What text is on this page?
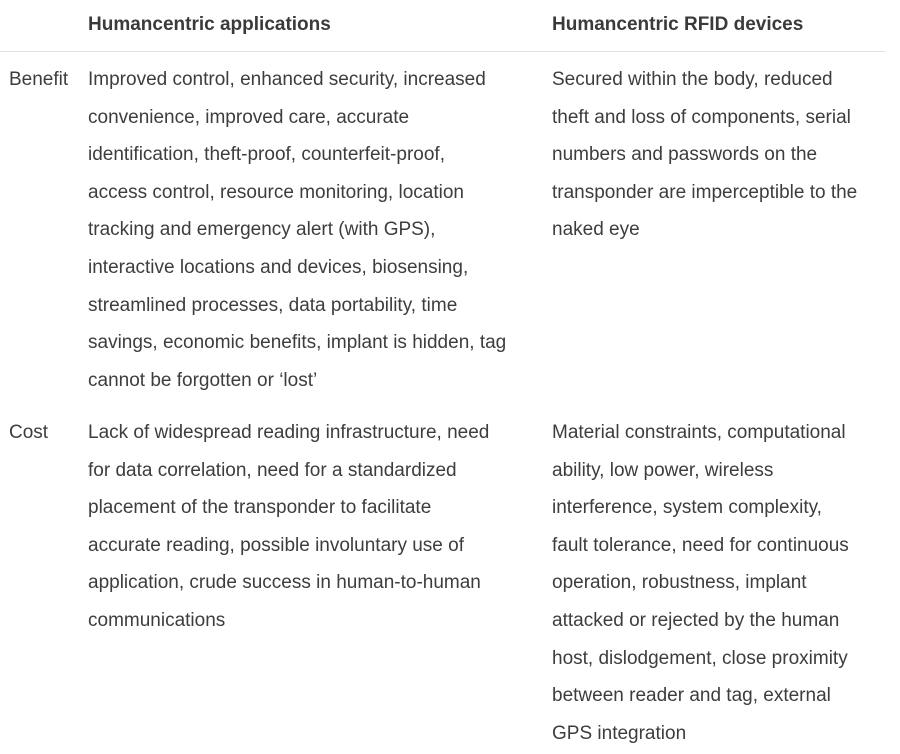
Humancentric applications	Humancentric RFID devices
Benefit Improved control, enhanced security, increased
convenience, improved care, accurate
identification, theft-proof, counterfeit-proof,
access control, resource monitoring, location
tracking and emergency alert (with GPS),
interactive locations and devices, biosensing,
streamlined processes, data portability, time
savings, economic benefits, implant is hidden, tag
cannot be forgotten or ‘lost’
Secured within the body, reduced
theft and loss of components, serial
numbers and passwords on the
transponder are imperceptible to the
naked eye
Cost Lack of widespread reading infrastructure, need
for data correlation, need for a standardized
placement of the transponder to facilitate
accurate reading, possible involuntary use of
application, crude success in human-to-human
communications
Material constraints, computational
ability, low power, wireless
interference, system complexity,
fault tolerance, need for continuous
operation, robustness, implant
attacked or rejected by the human
host, dislodgement, close proximity
between reader and tag, external
GPS integration
